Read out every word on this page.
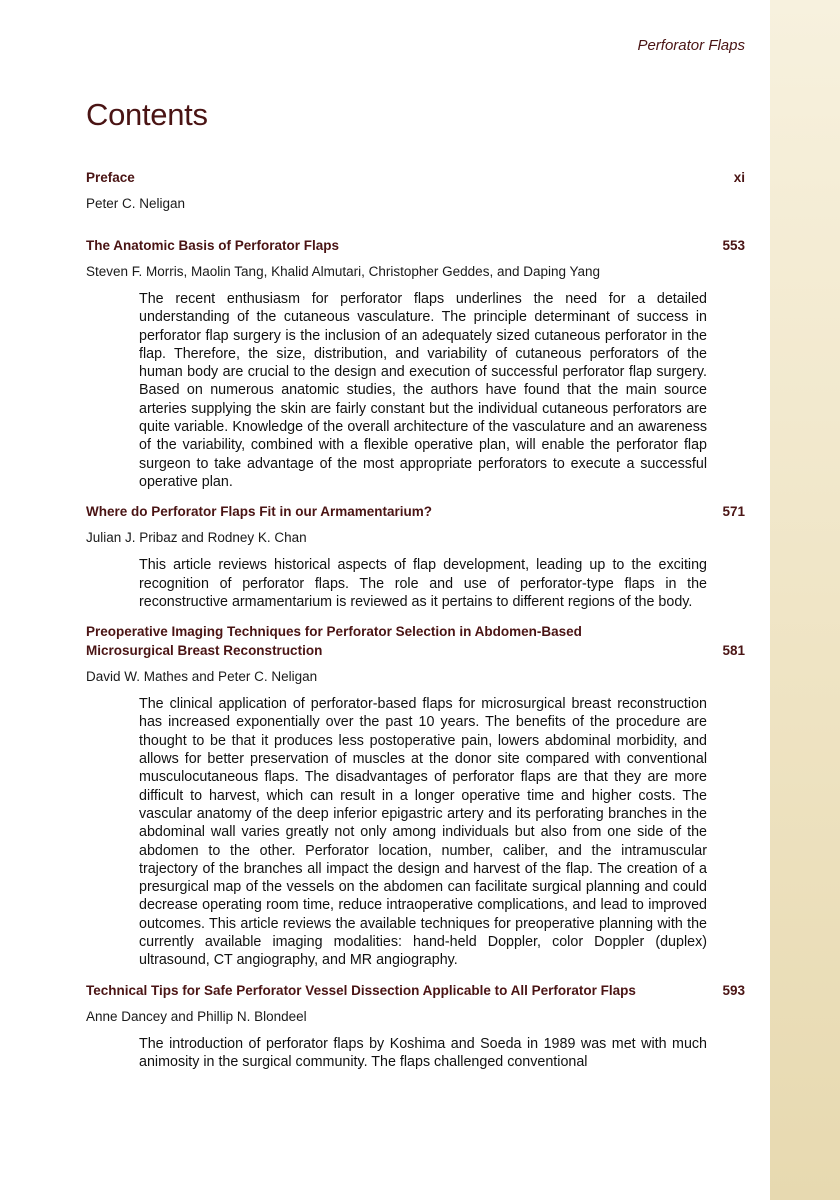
Perforator Flaps
Contents
Preface	xi
Peter C. Neligan
The Anatomic Basis of Perforator Flaps	553
Steven F. Morris, Maolin Tang, Khalid Almutari, Christopher Geddes, and Daping Yang

The recent enthusiasm for perforator flaps underlines the need for a detailed understanding of the cutaneous vasculature. The principle determinant of success in perforator flap surgery is the inclusion of an adequately sized cutaneous perforator in the flap. Therefore, the size, distribution, and variability of cutaneous perforators of the human body are crucial to the design and execution of successful perforator flap surgery. Based on numerous anatomic studies, the authors have found that the main source arteries supplying the skin are fairly constant but the individual cutaneous perforators are quite variable. Knowledge of the overall architecture of the vasculature and an awareness of the variability, combined with a flexible operative plan, will enable the perforator flap surgeon to take advantage of the most appropriate perforators to execute a successful operative plan.

Where do Perforator Flaps Fit in our Armamentarium?	571
Julian J. Pribaz and Rodney K. Chan

This article reviews historical aspects of flap development, leading up to the exciting recognition of perforator flaps. The role and use of perforator-type flaps in the reconstructive armamentarium is reviewed as it pertains to different regions of the body.

Preoperative Imaging Techniques for Perforator Selection in Abdomen-Based Microsurgical Breast Reconstruction	581
David W. Mathes and Peter C. Neligan

The clinical application of perforator-based flaps for microsurgical breast reconstruction has increased exponentially over the past 10 years. The benefits of the procedure are thought to be that it produces less postoperative pain, lowers abdominal morbidity, and allows for better preservation of muscles at the donor site compared with conventional musculocutaneous flaps. The disadvantages of perforator flaps are that they are more difficult to harvest, which can result in a longer operative time and higher costs. The vascular anatomy of the deep inferior epigastric artery and its perforating branches in the abdominal wall varies greatly not only among individuals but also from one side of the abdomen to the other. Perforator location, number, caliber, and the intramuscular trajectory of the branches all impact the design and harvest of the flap. The creation of a presurgical map of the vessels on the abdomen can facilitate surgical planning and could decrease operating room time, reduce intraoperative complications, and lead to improved outcomes. This article reviews the available techniques for preoperative planning with the currently available imaging modalities: hand-held Doppler, color Doppler (duplex) ultrasound, CT angiography, and MR angiography.

Technical Tips for Safe Perforator Vessel Dissection Applicable to All Perforator Flaps	593
Anne Dancey and Phillip N. Blondeel

The introduction of perforator flaps by Koshima and Soeda in 1989 was met with much animosity in the surgical community. The flaps challenged conventional
